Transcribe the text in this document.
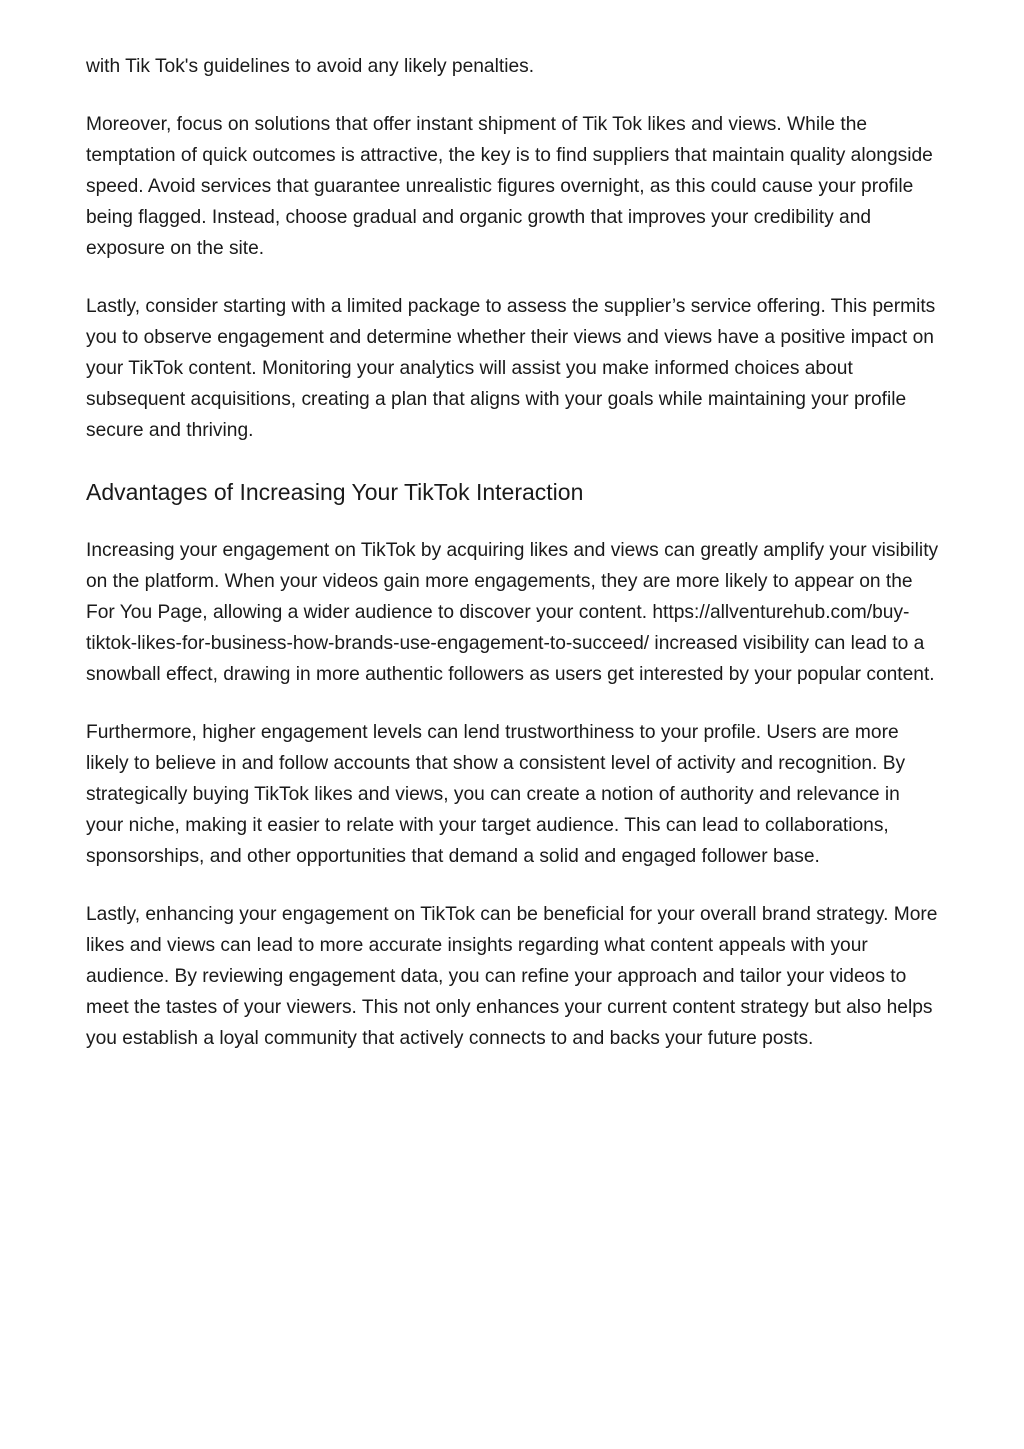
with Tik Tok's guidelines to avoid any likely penalties.

Moreover, focus on solutions that offer instant shipment of Tik Tok likes and views. While the temptation of quick outcomes is attractive, the key is to find suppliers that maintain quality alongside speed. Avoid services that guarantee unrealistic figures overnight, as this could cause your profile being flagged. Instead, choose gradual and organic growth that improves your credibility and exposure on the site.

Lastly, consider starting with a limited package to assess the supplier’s service offering. This permits you to observe engagement and determine whether their views and views have a positive impact on your TikTok content. Monitoring your analytics will assist you make informed choices about subsequent acquisitions, creating a plan that aligns with your goals while maintaining your profile secure and thriving.

Advantages of Increasing Your TikTok Interaction

Increasing your engagement on TikTok by acquiring likes and views can greatly amplify your visibility on the platform. When your videos gain more engagements, they are more likely to appear on the For You Page, allowing a wider audience to discover your content. https://allventurehub.com/buy-tiktok-likes-for-business-how-brands-use-engagement-to-succeed/ increased visibility can lead to a snowball effect, drawing in more authentic followers as users get interested by your popular content.

Furthermore, higher engagement levels can lend trustworthiness to your profile. Users are more likely to believe in and follow accounts that show a consistent level of activity and recognition. By strategically buying TikTok likes and views, you can create a notion of authority and relevance in your niche, making it easier to relate with your target audience. This can lead to collaborations, sponsorships, and other opportunities that demand a solid and engaged follower base.

Lastly, enhancing your engagement on TikTok can be beneficial for your overall brand strategy. More likes and views can lead to more accurate insights regarding what content appeals with your audience. By reviewing engagement data, you can refine your approach and tailor your videos to meet the tastes of your viewers. This not only enhances your current content strategy but also helps you establish a loyal community that actively connects to and backs your future posts.
